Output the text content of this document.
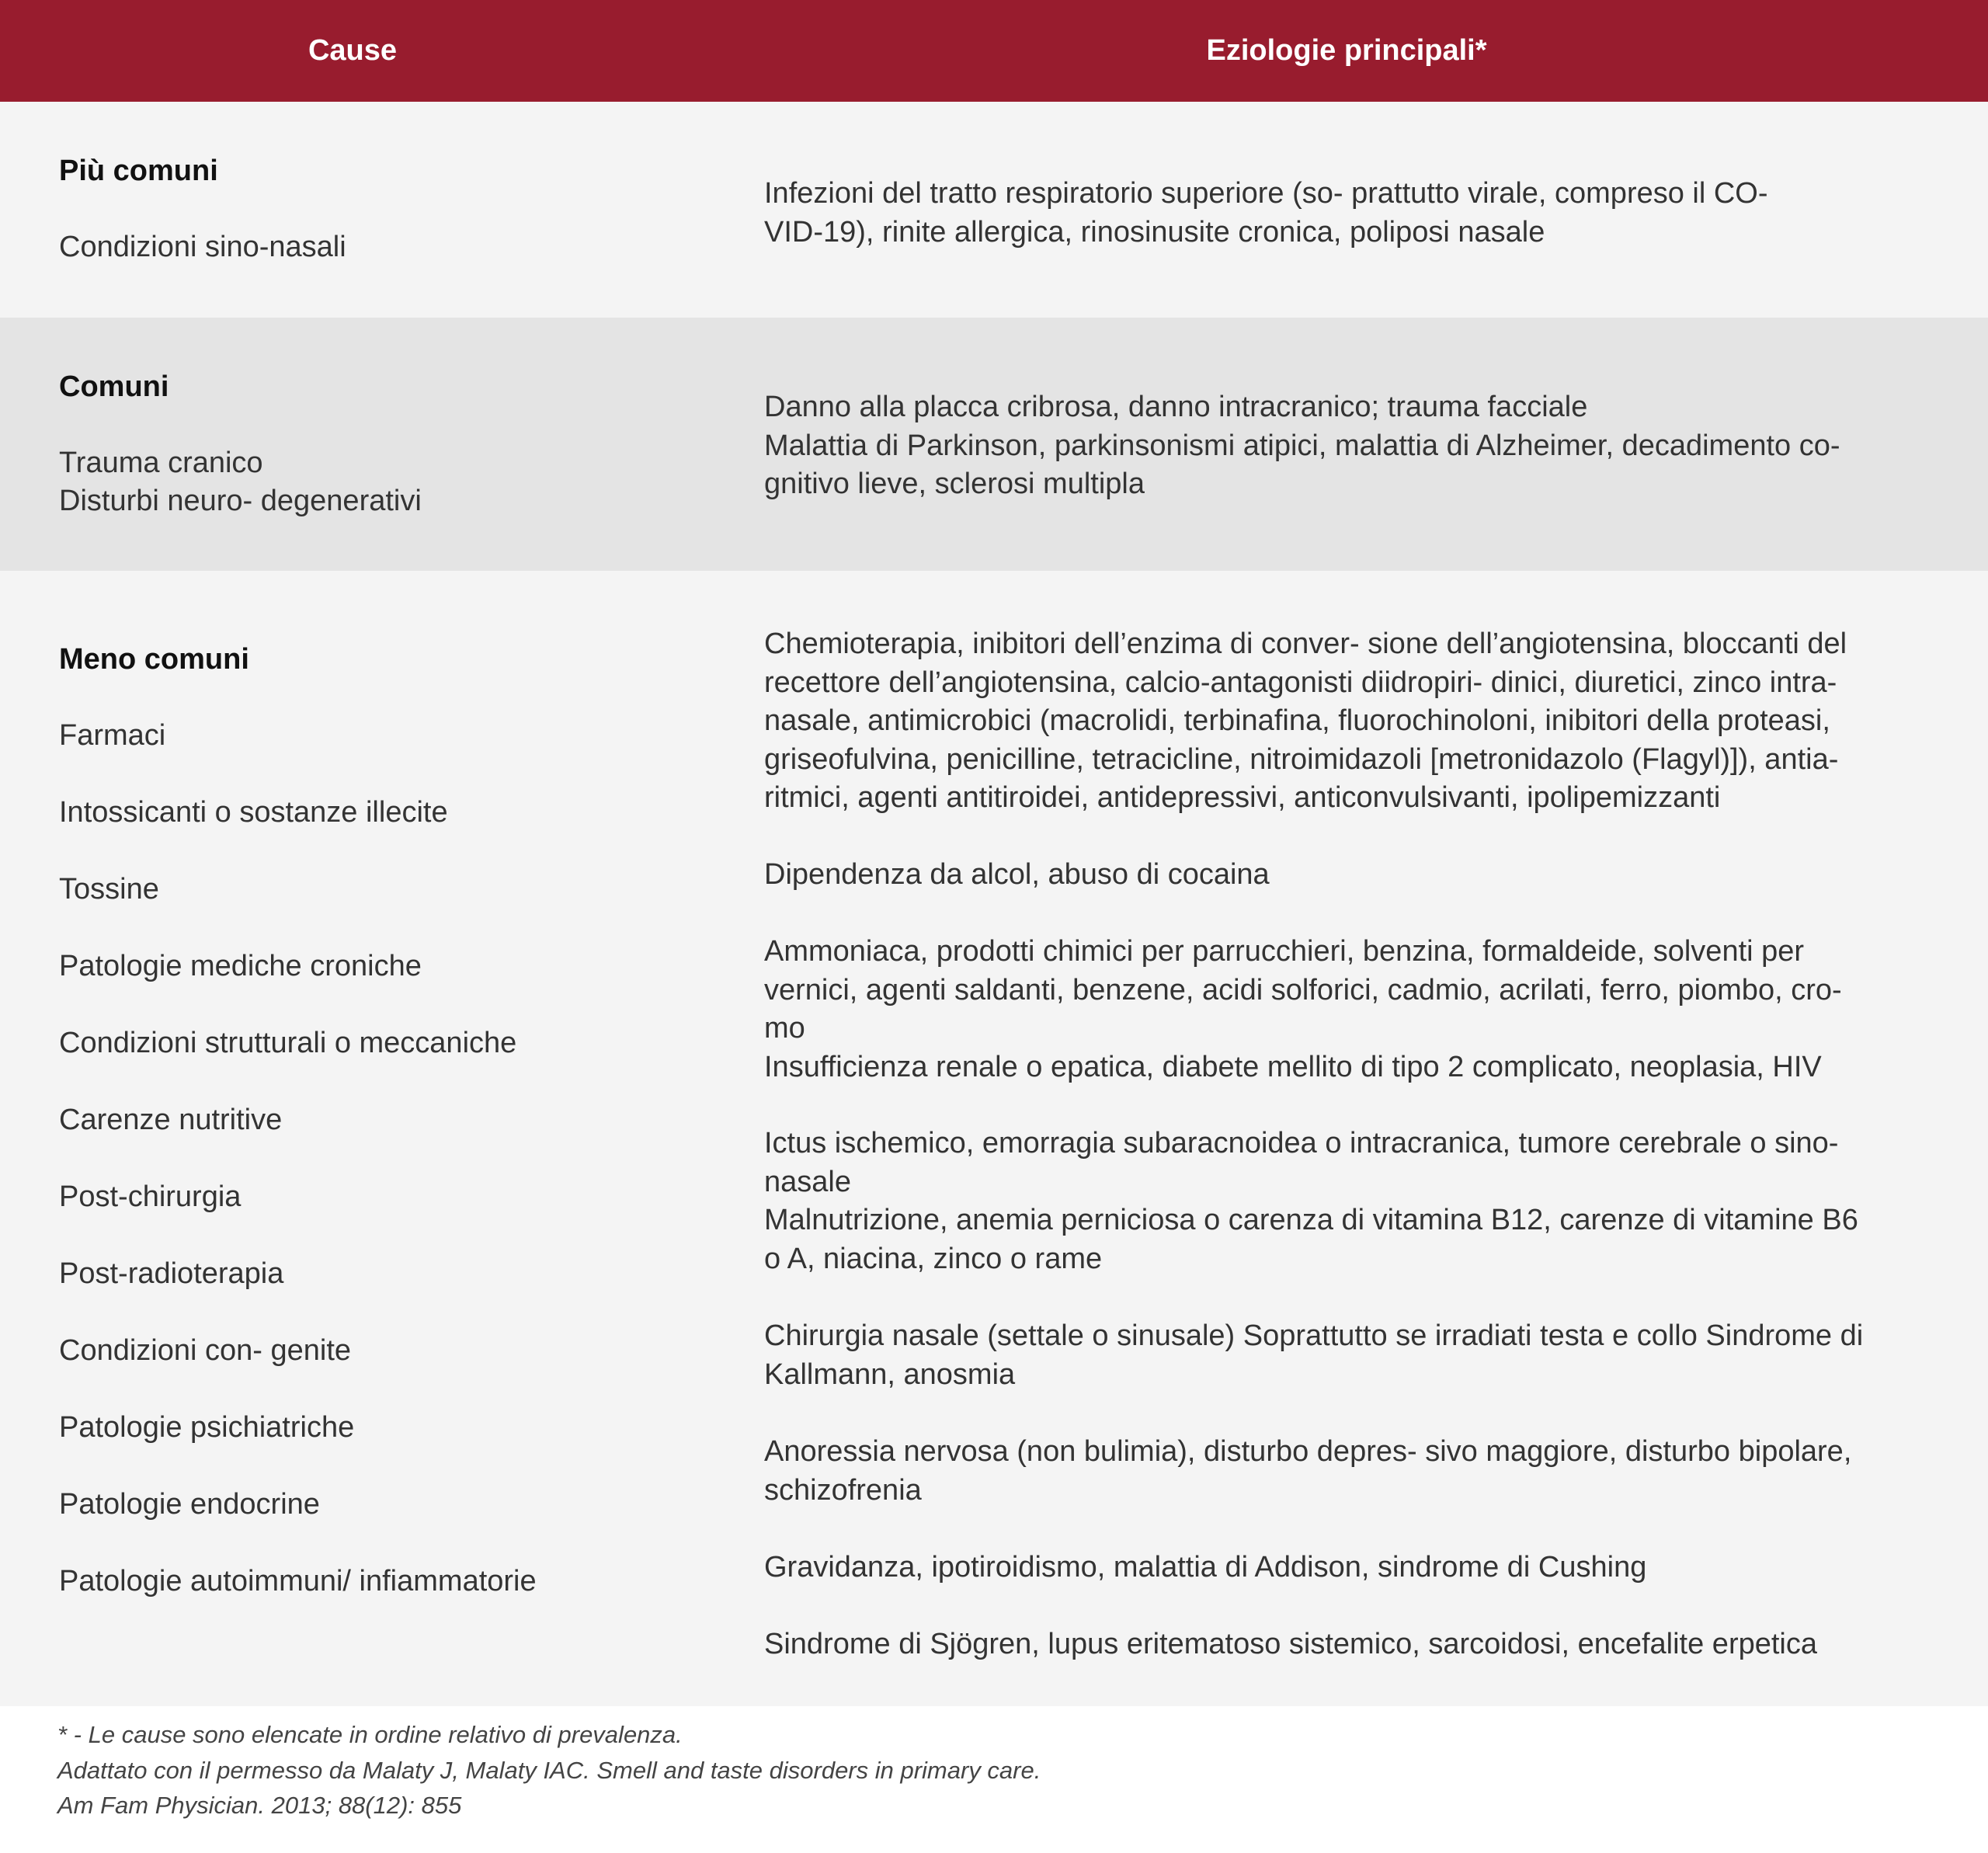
Cause	Eziologie principali*
Più comuni
Condizioni sino-nasali
Infezioni del tratto respiratorio superiore (so- prattutto virale, compreso il CO-
VID-19), rinite allergica, rinosinusite cronica, poliposi nasale
Comuni
Trauma cranico
Disturbi neuro- degenerativi
Danno alla placca cribrosa, danno intracranico; trauma facciale
Malattia di Parkinson, parkinsonismi atipici, malattia di Alzheimer, decadimento co-
gnitivo lieve, sclerosi multipla
Meno comuni
Farmaci
Intossicanti o sostanze illecite
Tossine
Patologie mediche croniche
Condizioni strutturali o meccaniche
Carenze nutritive
Post-chirurgia
Post-radioterapia
Condizioni con- genite
Patologie psichiatriche
Patologie endocrine
Patologie autoimmuni/ infiammatorie
Chemioterapia, inibitori dell’enzima di conver- sione dell’angiotensina, bloccanti del
recettore dell’angiotensina, calcio-antagonisti diidropiri- dinici, diuretici, zinco intra-
nasale, antimicrobici (macrolidi, terbinafina, fluorochinoloni, inibitori della proteasi,
griseofulvina, penicilline, tetracicline, nitroimidazoli [metronidazolo (Flagyl)]), antia-
ritmici, agenti antitiroidei, antidepressivi, anticonvulsivanti, ipolipemizzanti
Dipendenza da alcol, abuso di cocaina
Ammoniaca, prodotti chimici per parrucchieri, benzina, formaldeide, solventi per
vernici, agenti saldanti, benzene, acidi solforici, cadmio, acrilati, ferro, piombo, cro-
mo
Insufficienza renale o epatica, diabete mellito di tipo 2 complicato, neoplasia, HIV
Ictus ischemico, emorragia subaracnoidea o intracranica, tumore cerebrale o sino-
nasale
Malnutrizione, anemia perniciosa o carenza di vitamina B12, carenze di vitamine B6
o A, niacina, zinco o rame
Chirurgia nasale (settale o sinusale) Soprattutto se irradiati testa e collo Sindrome di
Kallmann, anosmia
Anoressia nervosa (non bulimia), disturbo depres- sivo maggiore, disturbo bipolare,
schizofrenia
Gravidanza, ipotiroidismo, malattia di Addison, sindrome di Cushing
Sindrome di Sjögren, lupus eritematoso sistemico, sarcoidosi, encefalite erpetica
* - Le cause sono elencate in ordine relativo di prevalenza.
Adattato con il permesso da Malaty J, Malaty IAC. Smell and taste disorders in primary care.
Am Fam Physician. 2013; 88(12): 855
